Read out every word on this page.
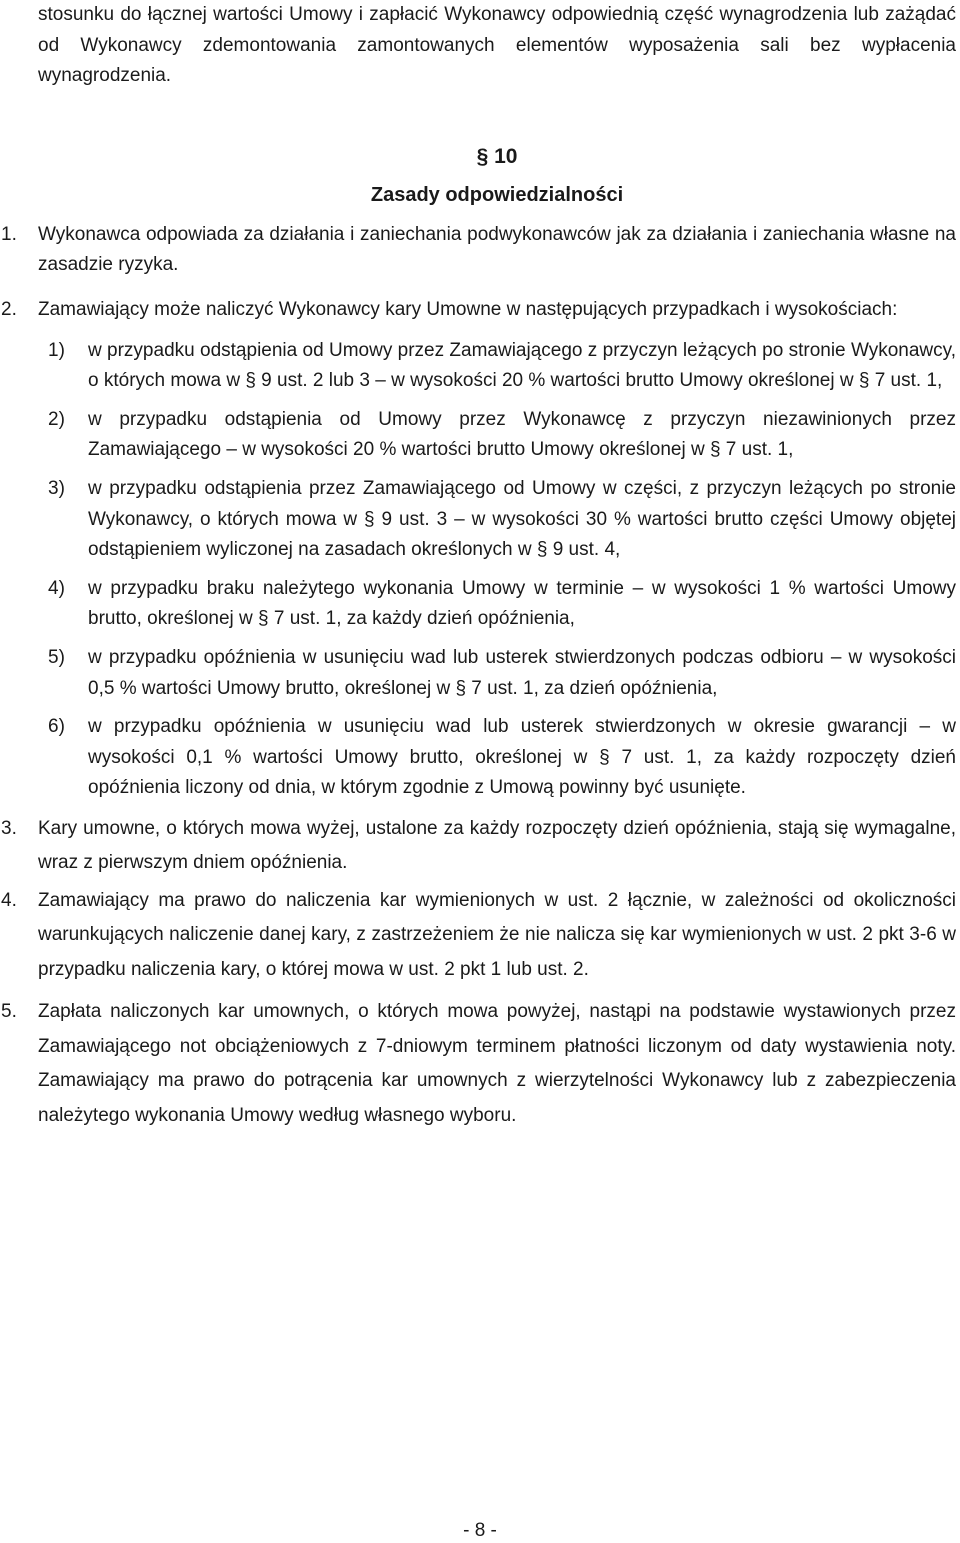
stosunku do łącznej wartości Umowy i zapłacić Wykonawcy odpowiednią część wynagrodzenia lub zażądać od Wykonawcy zdemontowania zamontowanych elementów wyposażenia sali bez wypłacenia wynagrodzenia.

§ 10
Zasady odpowiedzialności
1. Wykonawca odpowiada za działania i zaniechania podwykonawców jak za działania i zaniechania własne na zasadzie ryzyka.
2. Zamawiający może naliczyć Wykonawcy kary Umowne w następujących przypadkach i wysokościach:
1) w przypadku odstąpienia od Umowy przez Zamawiającego z przyczyn leżących po stronie Wykonawcy, o których mowa w § 9 ust. 2 lub 3 – w wysokości 20 % wartości brutto Umowy określonej w § 7 ust. 1,
2) w przypadku odstąpienia od Umowy przez Wykonawcę z przyczyn niezawinionych przez Zamawiającego – w wysokości 20 % wartości brutto Umowy określonej w § 7 ust. 1,
3) w przypadku odstąpienia przez Zamawiającego od Umowy w części, z przyczyn leżących po stronie Wykonawcy, o których mowa w § 9 ust. 3 – w wysokości 30 % wartości brutto części Umowy objętej odstąpieniem wyliczonej na zasadach określonych w § 9 ust. 4,
4) w przypadku braku należytego wykonania Umowy w terminie – w wysokości 1 % wartości Umowy brutto, określonej w § 7 ust. 1, za każdy dzień opóźnienia,
5) w przypadku opóźnienia w usunięciu wad lub usterek stwierdzonych podczas odbioru – w wysokości 0,5 % wartości Umowy brutto, określonej w § 7 ust. 1, za dzień opóźnienia,
6) w przypadku opóźnienia w usunięciu wad lub usterek stwierdzonych w okresie gwarancji – w wysokości 0,1 % wartości Umowy brutto, określonej w § 7 ust. 1, za każdy rozpoczęty dzień opóźnienia liczony od dnia, w którym zgodnie z Umową powinny być usunięte.
3. Kary umowne, o których mowa wyżej, ustalone za każdy rozpoczęty dzień opóźnienia, stają się wymagalne, wraz z pierwszym dniem opóźnienia.
4. Zamawiający ma prawo do naliczenia kar wymienionych w ust. 2 łącznie, w zależności od okoliczności warunkujących naliczenie danej kary, z zastrzeżeniem że nie nalicza się kar wymienionych w ust. 2 pkt 3-6 w przypadku naliczenia kary, o której mowa w ust. 2 pkt 1 lub ust. 2.
5. Zapłata naliczonych kar umownych, o których mowa powyżej, nastąpi na podstawie wystawionych przez Zamawiającego not obciążeniowych z 7-dniowym terminem płatności liczonym od daty wystawienia noty. Zamawiający ma prawo do potrącenia kar umownych z wierzytelności Wykonawcy lub z zabezpieczenia należytego wykonania Umowy według własnego wyboru.
- 8 -
